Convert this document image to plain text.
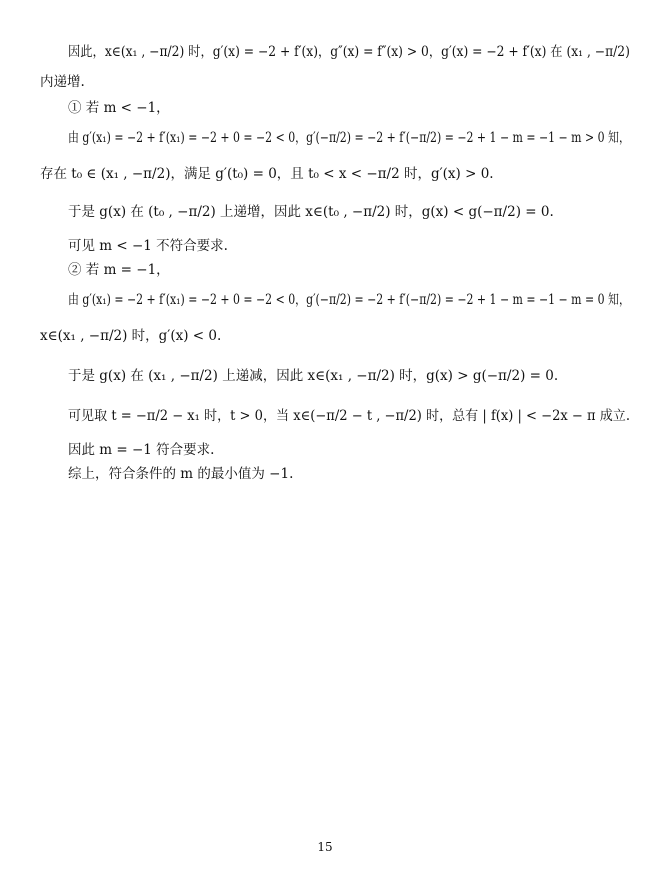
因此，x∈(x₁ , −π/2) 时，g′(x) = −2 + f′(x)，g″(x) = f″(x) > 0，g′(x) = −2 + f′(x) 在 (x₁ , −π/2)
内递增.
① 若 m < −1，
由 g′(x₁) = −2 + f′(x₁) = −2 + 0 = −2 < 0，g′(−π/2) = −2 + f′(−π/2) = −2 + 1 − m = −1 − m > 0 知，
存在 t₀ ∈ (x₁ , −π/2)，满足 g′(t₀) = 0，且 t₀ < x < −π/2 时，g′(x) > 0.
于是 g(x) 在 (t₀ , −π/2) 上递增，因此 x∈(t₀ , −π/2) 时，g(x) < g(−π/2) = 0.
可见 m < −1 不符合要求.
② 若 m = −1，
由 g′(x₁) = −2 + f′(x₁) = −2 + 0 = −2 < 0，g′(−π/2) = −2 + f′(−π/2) = −2 + 1 − m = −1 − m = 0 知，
x∈(x₁ , −π/2) 时，g′(x) < 0.
于是 g(x) 在 (x₁ , −π/2) 上递减，因此 x∈(x₁ , −π/2) 时，g(x) > g(−π/2) = 0.
可见取 t = −π/2 − x₁ 时，t > 0，当 x∈(−π/2 − t , −π/2) 时，总有 | f(x) | < −2x − π 成立.
因此 m = −1 符合要求.
综上，符合条件的 m 的最小值为 −1.
15
